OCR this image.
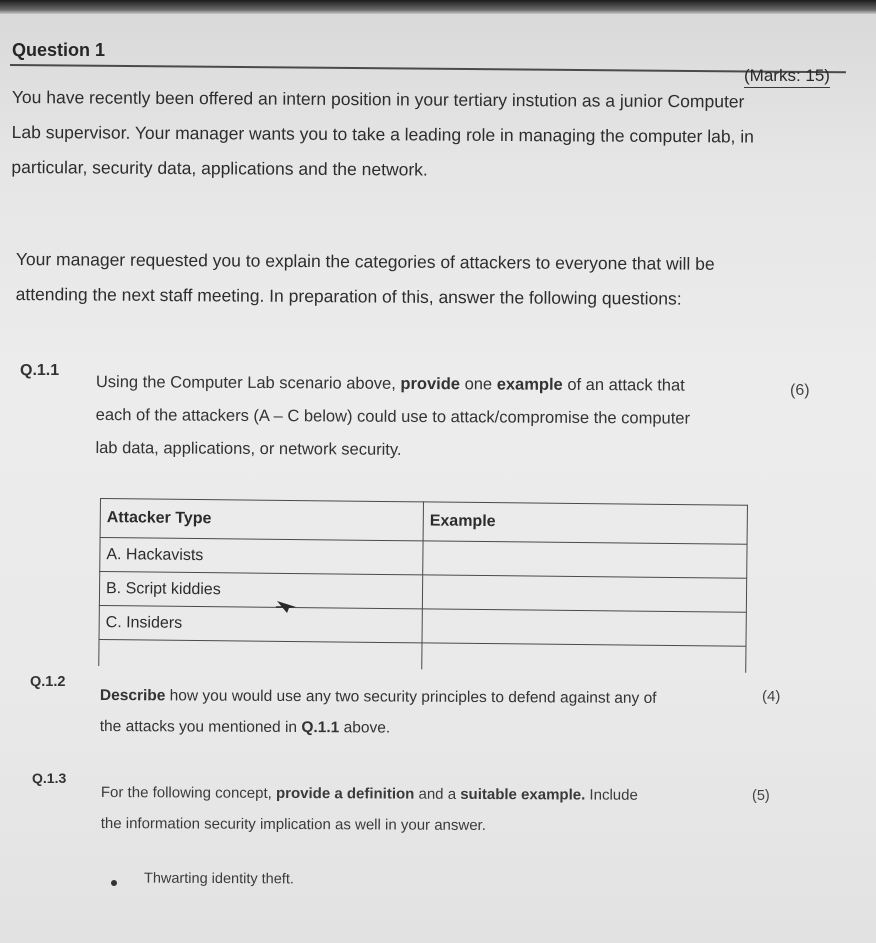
Question 1
(Marks: 15)
You have recently been offered an intern position in your tertiary instution as a junior Computer
Lab supervisor. Your manager wants you to take a leading role in managing the computer lab, in
particular, security data, applications and the network.
Your manager requested you to explain the categories of attackers to everyone that will be
attending the next staff meeting. In preparation of this, answer the following questions:
Q.1.1
Using the Computer Lab scenario above, provide one example of an attack that
each of the attackers (A – C below) could use to attack/compromise the computer
lab data, applications, or network security.
(6)
Attacker Type	Example
A. Hackavists	
B. Script kiddies	
C. Insiders	

Q.1.2
Describe how you would use any two security principles to defend against any of
the attacks you mentioned in Q.1.1 above.
(4)
Q.1.3
For the following concept, provide a definition and a suitable example. Include
the information security implication as well in your answer.
(5)
Thwarting identity theft.
